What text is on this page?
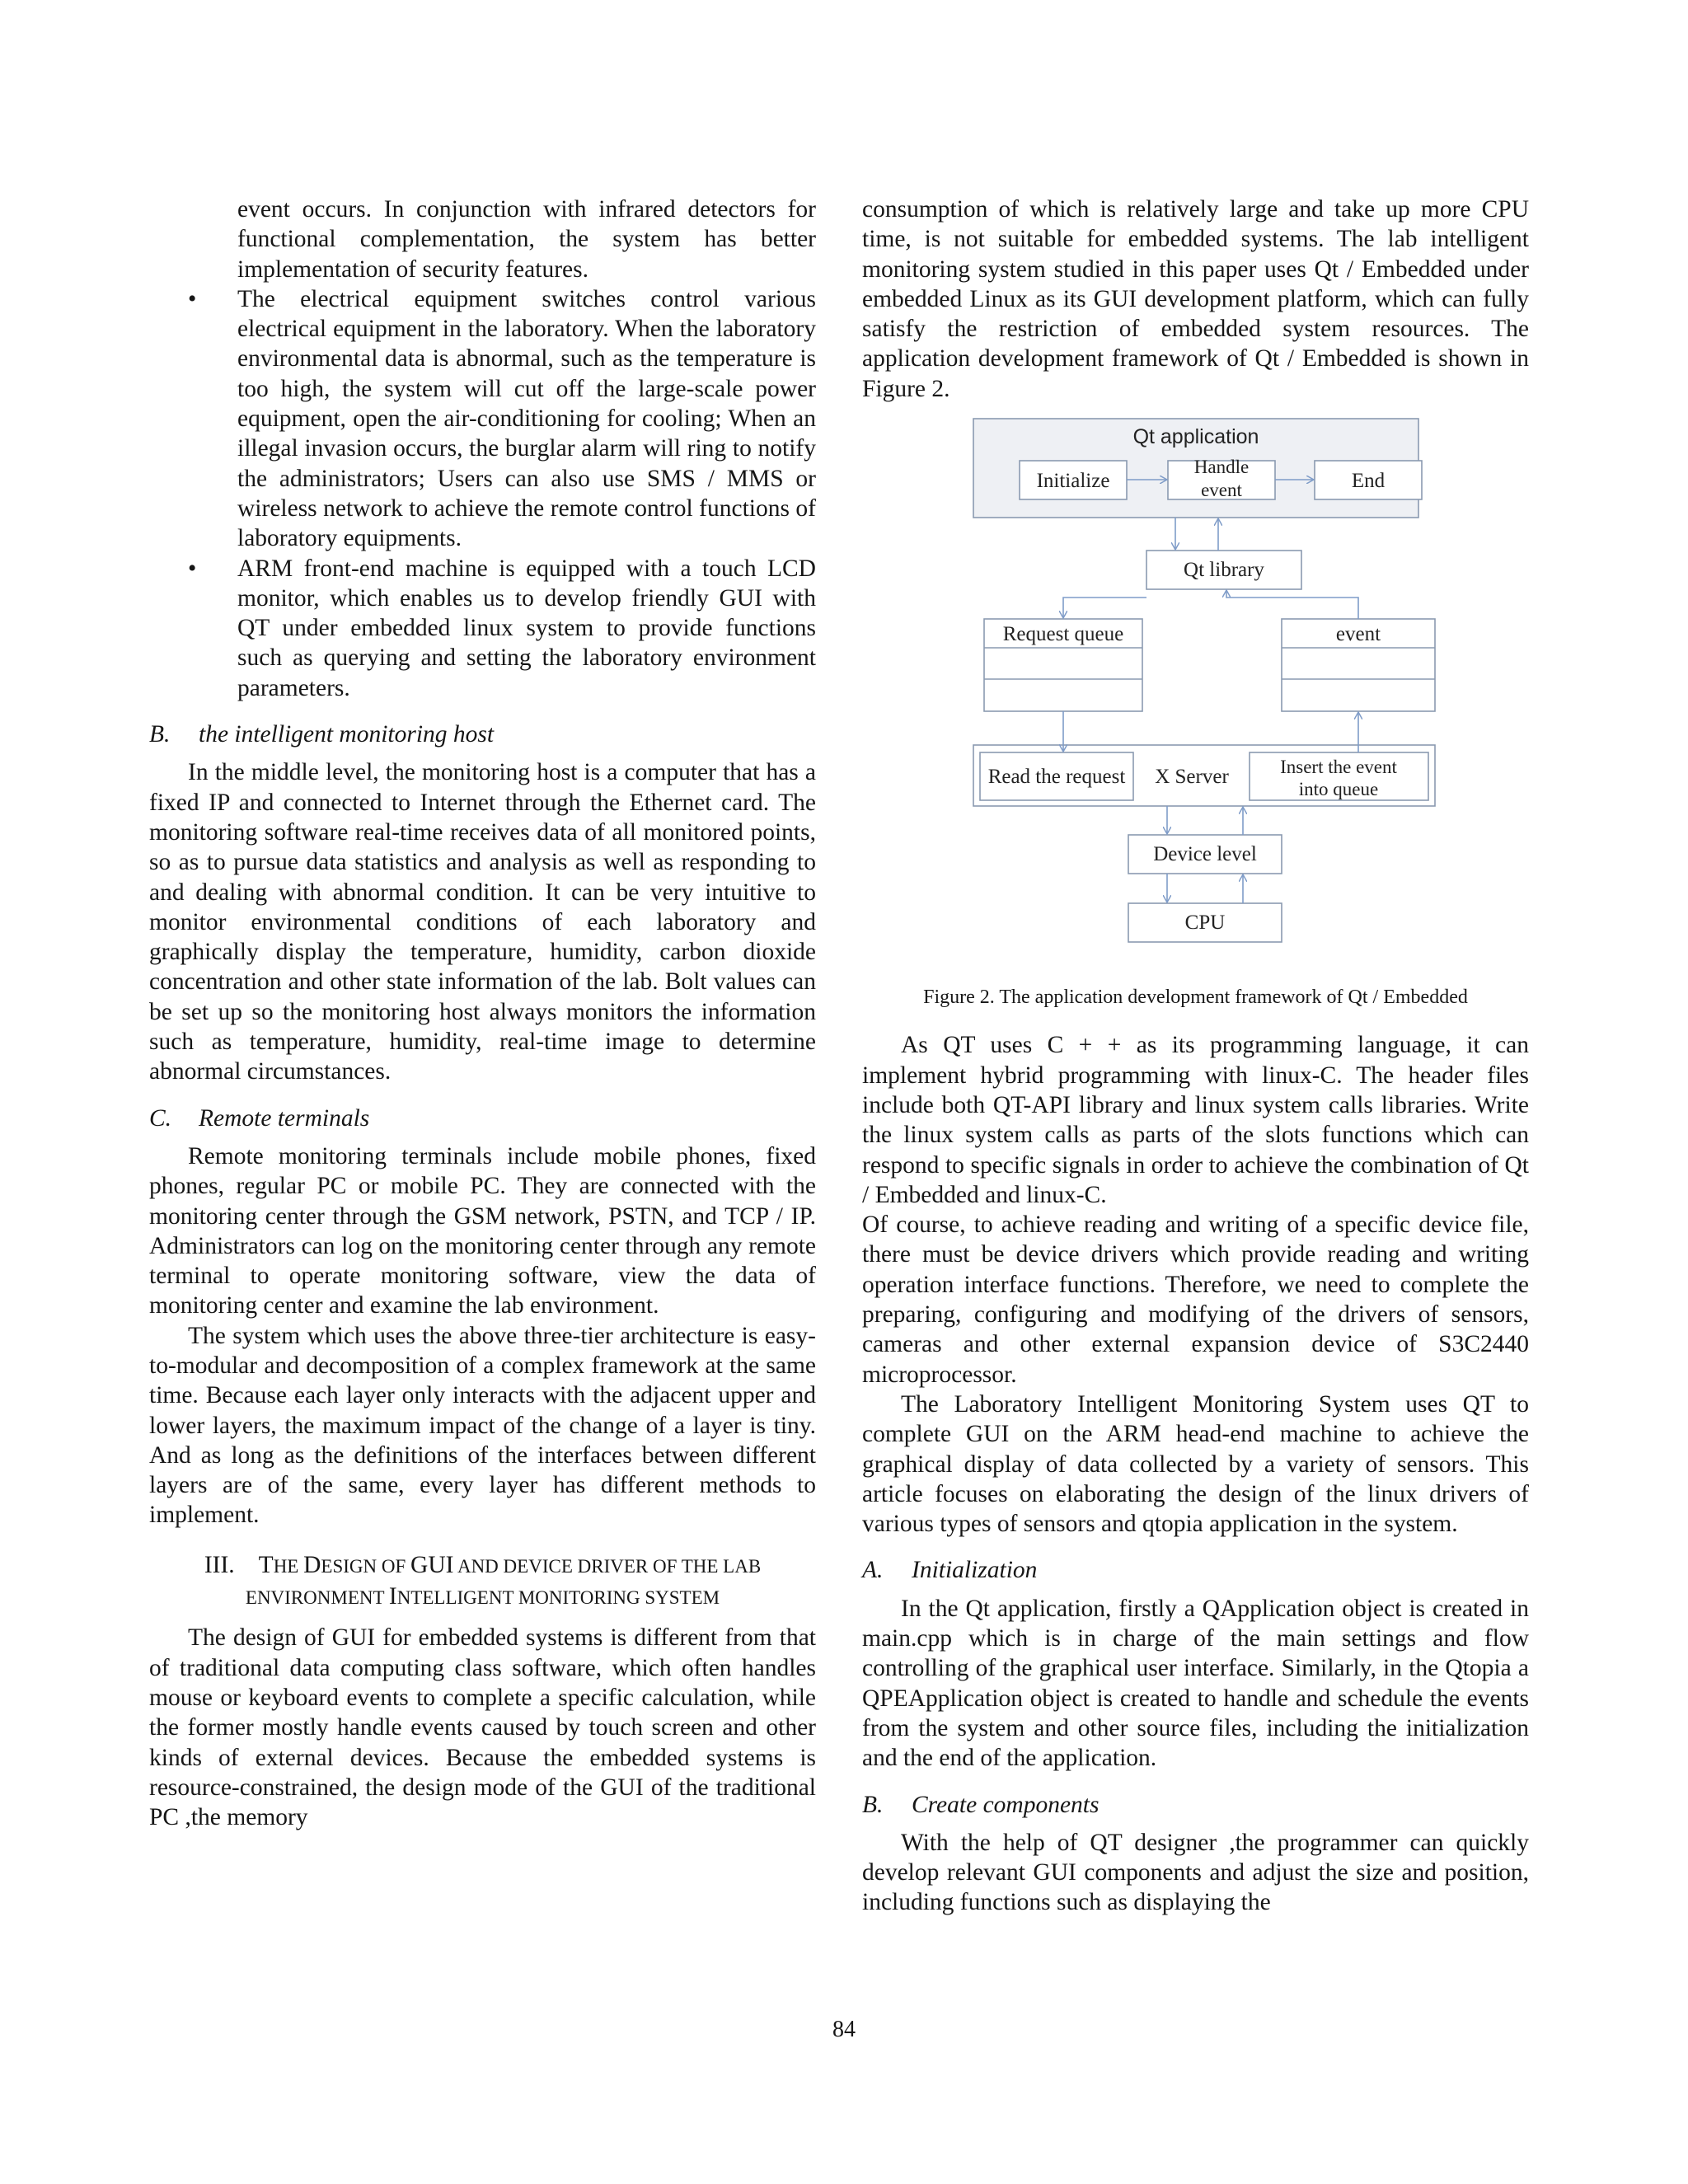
event occurs. In conjunction with infrared detectors for functional complementation, the system has better implementation of security features.

• The electrical equipment switches control various electrical equipment in the laboratory. When the laboratory environmental data is abnormal, such as the temperature is too high, the system will cut off the large-scale power equipment, open the air-conditioning for cooling; When an illegal invasion occurs, the burglar alarm will ring to notify the administrators; Users can also use SMS / MMS or wireless network to achieve the remote control functions of laboratory equipments.
• ARM front-end machine is equipped with a touch LCD monitor, which enables us to develop friendly GUI with QT under embedded linux system to provide functions such as querying and setting the laboratory environment parameters.
B. the intelligent monitoring host

In the middle level, the monitoring host is a computer that has a fixed IP and connected to Internet through the Ethernet card. The monitoring software real-time receives data of all monitored points, so as to pursue data statistics and analysis as well as responding to and dealing with abnormal condition. It can be very intuitive to monitor environmental conditions of each laboratory and graphically display the temperature, humidity, carbon dioxide concentration and other state information of the lab. Bolt values can be set up so the monitoring host always monitors the information such as temperature, humidity, real-time image to determine abnormal circumstances.

C. Remote terminals

Remote monitoring terminals include mobile phones, fixed phones, regular PC or mobile PC. They are connected with the monitoring center through the GSM network, PSTN, and TCP / IP. Administrators can log on the monitoring center through any remote terminal to operate monitoring software, view the data of monitoring center and examine the lab environment.

The system which uses the above three-tier architecture is easy-to-modular and decomposition of a complex framework at the same time. Because each layer only interacts with the adjacent upper and lower layers, the maximum impact of the change of a layer is tiny. And as long as the definitions of the interfaces between different layers are of the same, every layer has different methods to implement.

III. THE DESIGN OF GUI AND DEVICE DRIVER OF THE LAB
ENVIRONMENT INTELLIGENT MONITORING SYSTEM

The design of GUI for embedded systems is different from that of traditional data computing class software, which often handles mouse or keyboard events to complete a specific calculation, while the former mostly handle events caused by touch screen and other kinds of external devices. Because the embedded systems is resource-constrained, the design mode of the GUI of the traditional PC ,the memory

consumption of which is relatively large and take up more CPU time, is not suitable for embedded systems. The lab intelligent monitoring system studied in this paper uses Qt / Embedded under embedded Linux as its GUI development platform, which can fully satisfy the restriction of embedded system resources. The application development framework of Qt / Embedded is shown in Figure 2.

Qt application
Initialize
Handle
event	End
Qt library
Request queue	event
Read the request X Server	Insert the event
into queue
Device level
CPU
Figure 2. The application development framework of Qt / Embedded

As QT uses C + + as its programming language, it can implement hybrid programming with linux-C. The header files include both QT-API library and linux system calls libraries. Write the linux system calls as parts of the slots functions which can respond to specific signals in order to achieve the combination of Qt / Embedded and linux-C.

Of course, to achieve reading and writing of a specific device file, there must be device drivers which provide reading and writing operation interface functions. Therefore, we need to complete the preparing, configuring and modifying of the drivers of sensors, cameras and other external expansion device of S3C2440 microprocessor.

The Laboratory Intelligent Monitoring System uses QT to complete GUI on the ARM head-end machine to achieve the graphical display of data collected by a variety of sensors. This article focuses on elaborating the design of the linux drivers of various types of sensors and qtopia application in the system.

A. Initialization

In the Qt application, firstly a QApplication object is created in main.cpp which is in charge of the main settings and flow controlling of the graphical user interface. Similarly, in the Qtopia a QPEApplication object is created to handle and schedule the events from the system and other source files, including the initialization and the end of the application.

B. Create components

With the help of QT designer ,the programmer can quickly develop relevant GUI components and adjust the size and position, including functions such as displaying the

84
